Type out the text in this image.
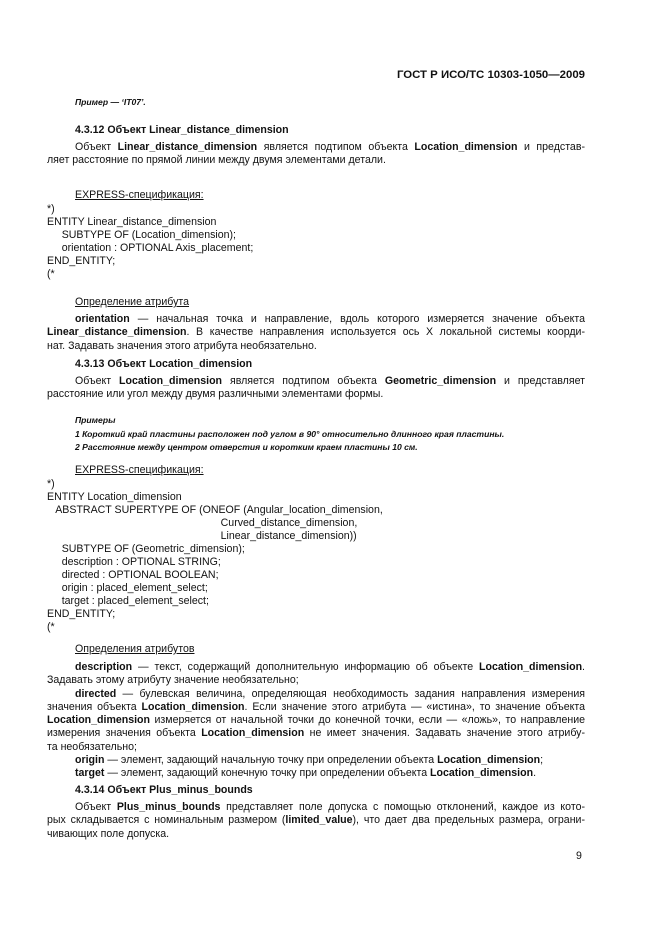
ГОСТ Р ИСО/ТС 10303-1050—2009
Пример — ‘IT07’.
4.3.12 Объект Linear_distance_dimension
Объект Linear_distance_dimension является подтипом объекта Location_dimension и представ-
ляет расстояние по прямой линии между двумя элементами детали.
EXPRESS-спецификация:
*)
ENTITY Linear_distance_dimension
SUBTYPE OF (Location_dimension);
orientation : OPTIONAL Axis_placement;
END_ENTITY;
(*
Определение атрибута
orientation — начальная точка и направление, вдоль которого измеряется значение объекта
Linear_distance_dimension. В качестве направления используется ось X локальной системы коорди-
нат. Задавать значения этого атрибута необязательно.
4.3.13 Объект Location_dimension
Объект Location_dimension является подтипом объекта Geometric_dimension и представляет
расстояние или угол между двумя различными элементами формы.
Примеры
1 Короткий край пластины расположен под углом в 90° относительно длинного края пластины.
2 Расстояние между центром отверстия и коротким краем пластины 10 см.
EXPRESS-спецификация:
*)
ENTITY Location_dimension
ABSTRACT SUPERTYPE OF (ONEOF (Angular_location_dimension,
Curved_distance_dimension,
Linear_distance_dimension))
SUBTYPE OF (Geometric_dimension);
description : OPTIONAL STRING;
directed : OPTIONAL BOOLEAN;
origin : placed_element_select;
target : placed_element_select;
END_ENTITY;
(*
Определения атрибутов
description — текст, содержащий дополнительную информацию об объекте Location_dimension.
Задавать этому атрибуту значение необязательно;
directed — булевская величина, определяющая необходимость задания направления измерения
значения объекта Location_dimension. Если значение этого атрибута — «истина», то значение объекта
Location_dimension измеряется от начальной точки до конечной точки, если — «ложь», то направление
измерения значения объекта Location_dimension не имеет значения. Задавать значение этого атрибу-
та необязательно;
origin — элемент, задающий начальную точку при определении объекта Location_dimension;
target — элемент, задающий конечную точку при определении объекта Location_dimension.
4.3.14 Объект Plus_minus_bounds
Объект Plus_minus_bounds представляет поле допуска с помощью отклонений, каждое из кото-
рых складывается с номинальным размером (limited_value), что дает два предельных размера, ограни-
чивающих поле допуска.
9
